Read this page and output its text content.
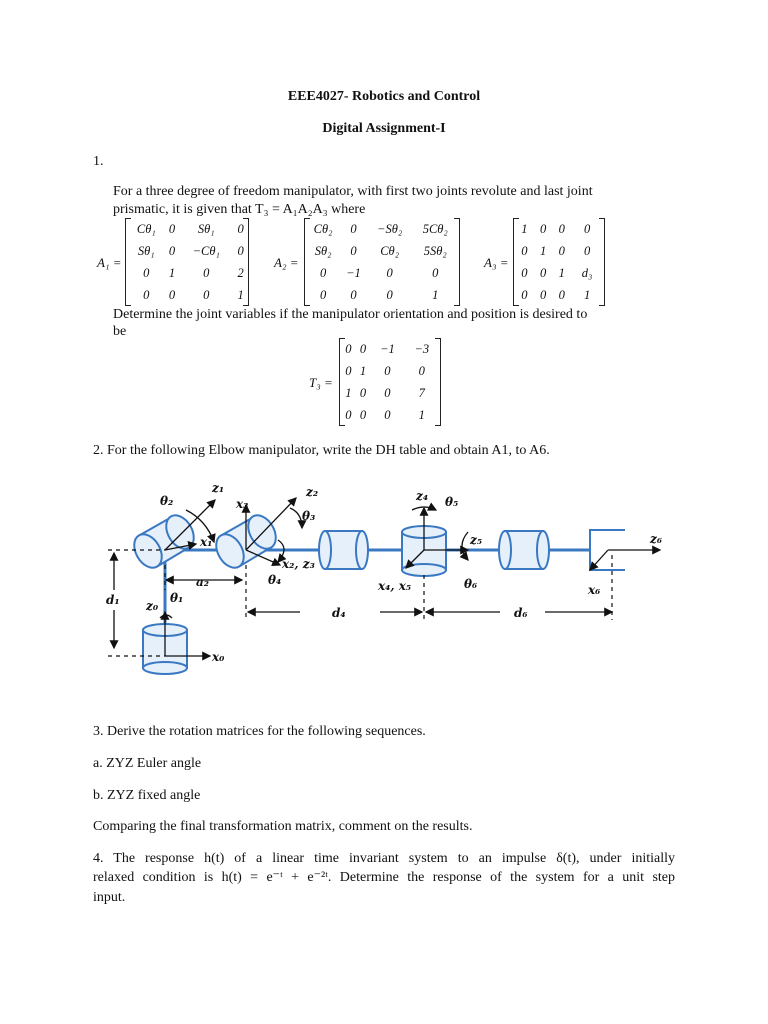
EEE4027- Robotics and Control
Digital Assignment-I
1.
For a three degree of freedom manipulator, with first two joints revolute and last joint
prismatic, it is given that T₃ = A₁A₂A₃ where
A₁ =
Cθ₁	0	Sθ₁	0
Sθ₁	0	−Cθ₁	0
0	1	0	2
0	0	0	1
A₂ =
Cθ₂	0	−Sθ₂	5Cθ₂
Sθ₂	0	Cθ₂	5Sθ₂
0	−1	0	0
0	0	0	1
A₃ =
1	0	0	0
0	1	0	0
0	0	1	d₃
0	0	0	1
Determine the joint variables if the manipulator orientation and position is desired to
be
T₃ =
0	0	−1	−3
0	1	0	0
1	0	0	7
0	0	0	1
2. For the following Elbow manipulator, write the DH table and obtain A1, to A6.
z₁
θ₂	x₃
z₂
θ₃
z₄ θ₅
z₅	z₆
x₁
x₂, z₃
θ₄
a₂	x₄, x₅	θ₆	x₆
d₁ z₀
θ₁
x₀
d₄	d₆
3. Derive the rotation matrices for the following sequences.
a. ZYZ Euler angle
b. ZYZ fixed angle
Comparing the final transformation matrix, comment on the results.
4. The response h(t) of a linear time invariant system to an impulse δ(t), under initially
relaxed condition is h(t) = e⁻ᵗ + e⁻²ᵗ. Determine the response of the system for a unit step
input.
